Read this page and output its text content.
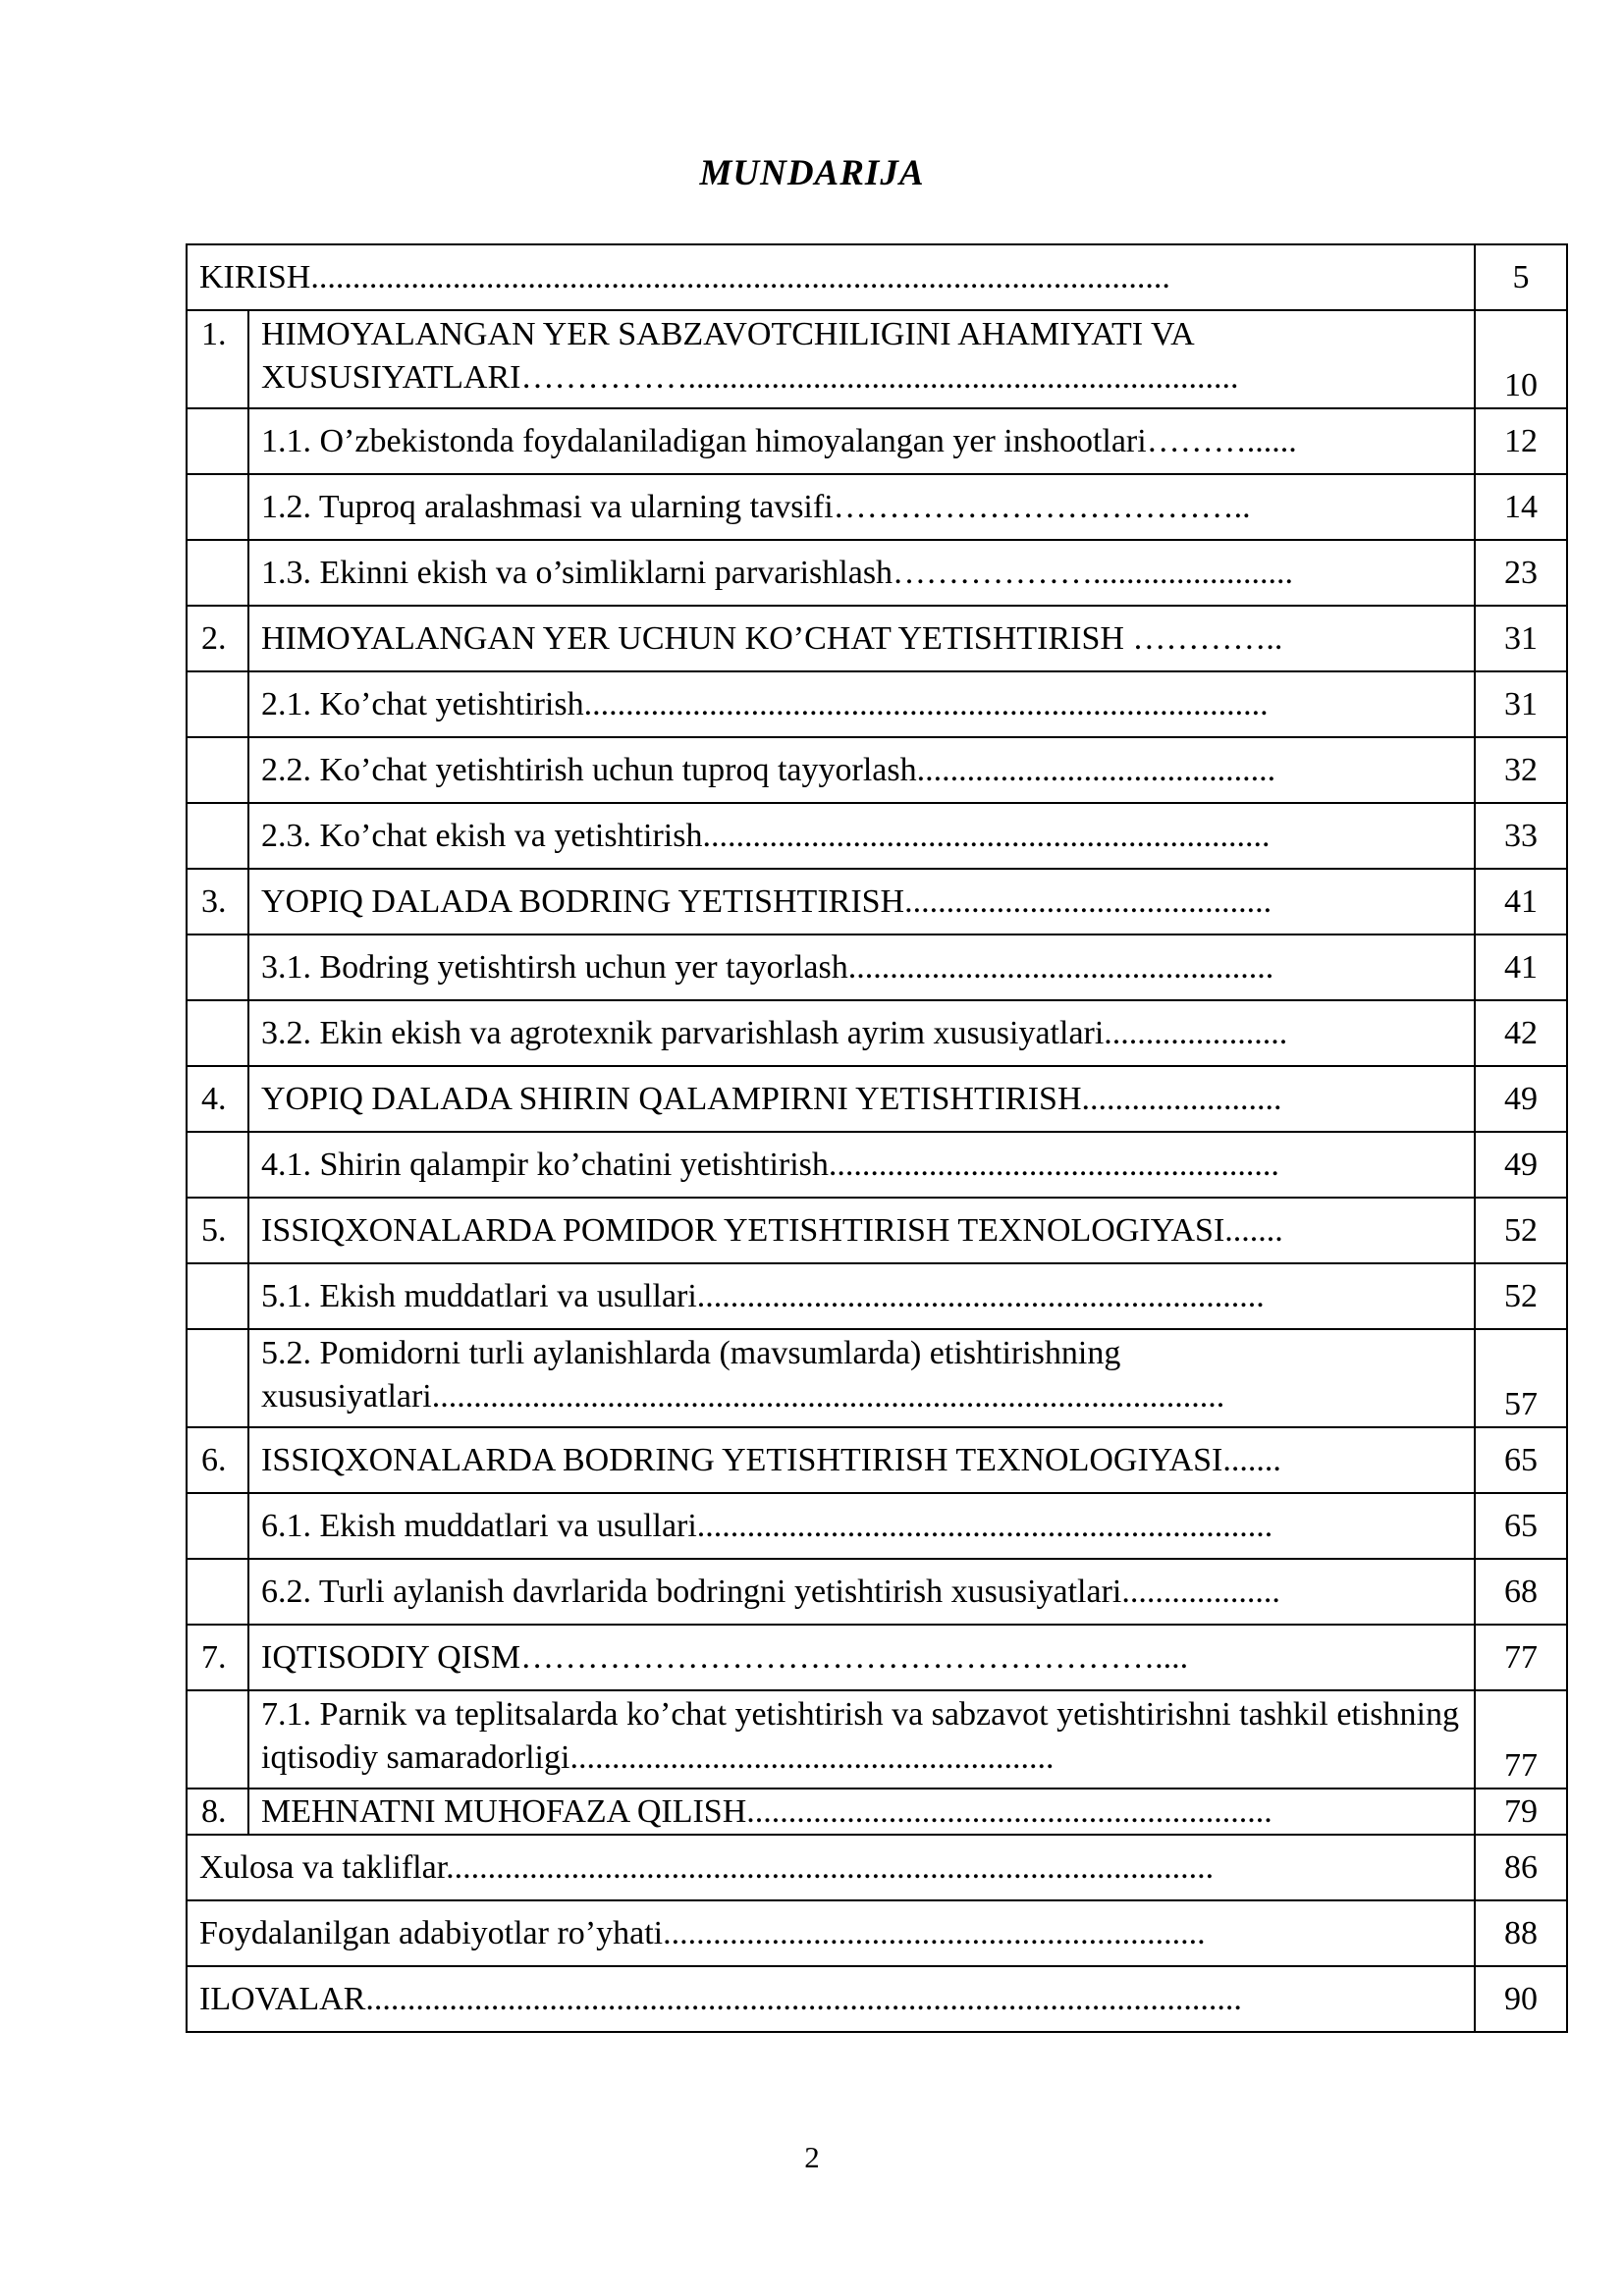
MUNDARIJA
KIRISH.......................................................................................................		5
1.	HIMOYALANGAN YER SABZAVOTCHILIGINI AHAMIYATI VA XUSUSIYATLARI……………..................................................................	10
	1.1. O’zbekistonda foydalaniladigan himoyalangan yer inshootlari………......	12
	1.2. Tuproq aralashmasi va ularning tavsifi………………………………..	14
	1.3. Ekinni ekish va o’simliklarni parvarishlash………………........................	23
2.	HIMOYALANGAN YER UCHUN KO’CHAT YETISHTIRISH …………..	31
	2.1. Ko’chat yetishtirish..................................................................................	31
	2.2. Ko’chat yetishtirish uchun tuproq tayyorlash...........................................	32
	2.3. Ko’chat ekish va yetishtirish....................................................................	33
3.	YOPIQ DALADA BODRING YETISHTIRISH............................................	41
	3.1. Bodring yetishtirsh uchun yer tayorlash...................................................	41
	3.2. Ekin ekish va agrotexnik parvarishlash ayrim xususiyatlari......................	42
4.	YOPIQ DALADA SHIRIN QALAMPIRNI YETISHTIRISH........................	49
	4.1. Shirin qalampir ko’chatini yetishtirish......................................................	49
5.	ISSIQXONALARDA POMIDOR YETISHTIRISH TEXNOLOGIYASI.......	52
	5.1. Ekish muddatlari va usullari....................................................................	52
	5.2. Pomidorni turli aylanishlarda (mavsumlarda) etishtirishning xususiyatlari...............................................................................................	57
6.	ISSIQXONALARDA BODRING YETISHTIRISH TEXNOLOGIYASI.......	65
	6.1. Ekish muddatlari va usullari.....................................................................	65
	6.2. Turli aylanish davrlarida bodringni yetishtirish xususiyatlari...................	68
7.	IQTISODIY QISM…………………………………………………....	77
	7.1. Parnik va teplitsalarda ko’chat yetishtirish va sabzavot yetishtirishni tashkil etishning iqtisodiy samaradorligi..........................................................	77
8.	MEHNATNI MUHOFAZA QILISH...............................................................	79
Xulosa va takliflar............................................................................................		86
Foydalanilgan adabiyotlar ro’yhati.................................................................		88
ILOVALAR.........................................................................................................		90
2
